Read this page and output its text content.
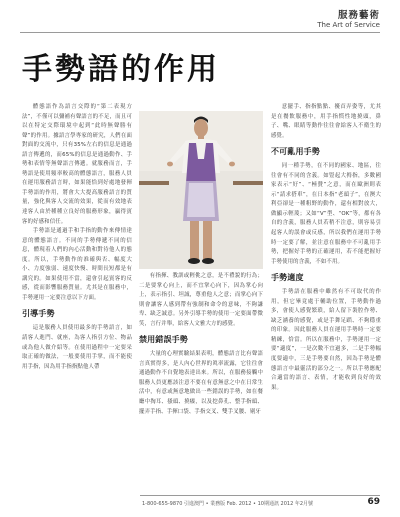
服務藝術
The Art of Service
手勢語的作用

體態語作為語言交際的“第二表現方法”，不僅可以彌補有聲語言的不足，而且可以在特定交際環境中起到“此時無聲勝有聲”的作用。據語言學專家的研究，人們在面對面的交流中，只有35%左右的信息是通過語言傳遞的，而65%的信息是通過動作、手勢和表情等無聲語言傳遞。就服務而言，手勢語是使用頻率較高的體態語言，服務人員在運用服務語言時，如果能恰到好處地發揮手勢語的作用，將會大大提高服務語言的質量，強化與客人交流的效果，從而有效地表達客人由於種種立良好的服務形象，贏得賓客的好感和信任。

手勢語是通過手和手指的動作來傳情達意的體態語言。不同的手勢傳遞不同的信息，體現着人們的內心活動和對待他人的態度。所以，手勢動作的准確與否、幅度大小、力度強弱、速度快慢、時間長短都是有講究的。如果使用不當，還會引起賓客的反感，從而影響服務質量。尤其是在服務中，手勢運用一定要注意以下方面。

引導手勢

這是服務人員使用最多的手勢語言，如請客人進門、就座，為客人指引方位、物品或為他人做介紹等。在使用過程中一定要采取正確的做法，一般要使用手掌，而不能使用手指，因為用手指指點他人帶

有指揮、教訓或輕佻之意，是不禮貌的行為；二是要掌心向上，而不宜掌心向下，因為掌心向上，表示指引、坦誠，尊重他人之意；而掌心向下則會讓客人感到帶有強制和命令的意味，不夠謙卑、缺乏誠意。另外引導手勢的使用一定要面帶微笑，言行并舉，給客人文雅大方的感覺。

禁用錯誤手勢

大量的心理實驗結果表明，體態語言比有聲語言真實得多，是人內心世界的眞率流露，它往往會通過動作不自覺地表達出來。所以，在服務接觸中服務人員更應該注意不要在有意無意之中在日常生活中，有意或無意地做出一些錯誤的手勢，如在餐廳中掏耳、搔頭、撓癢，以及挖鼻孔、整手指頭、擺弄手指、手揮口袋、手指交叉、雙手叉腰、剔牙

意擺手、指指點點、擾首弄姿等，尤其是在餐飲服務中，用手指慣性地撓頭，鼻子、嘴、眼睛等動作往往會給客人不衛生的感覺。

不可亂用手勢

同一種手勢，在不同的國家、地區，往往會有不同的含義。如豎起大拇指，多數國家表示“好”、“極贊”之意，而在歐洲則表示“請求搭車”，在日本指“老頭子”，在澳大利亞卻是一種粗野的動作，還有相對放大，做顯示輕蔑；又如“V”型、“OK”等，都有各自的含義，服務人員若稍不注意，則容易引起客人的誤會或反感，所以我們在運用手勢時一定要了解，並注意在服務中不可亂用手勢，把握好手勢的正確運用，若不能把握好手勢使用的含義，不如不用。

手勢適度

手勢語在服務中雖然有不可取代的作用，但它畢竟處于輔助位置，手勢動作過多，會使人感覺繁瑣，給人留下裝腔作勢、缺乏涵養的感覺，或是手舞足蹈、不夠穩重的印象。因此服務人員在運用手勢時一定要精練，恰當。所以在服務中，手勢運用一定要“適度”，一是次數不宜過多，二是手勢幅度要適中，三是手勢要自然，因為手勢是體態語言中最靈活的部分之一。所以手勢應配合適當的語言、表情，才能收到良好的效果。

1-800-655-9870 引進澳門 • 業務版 Feb. 2012 • 10期通訊 2012 年2月號	69
